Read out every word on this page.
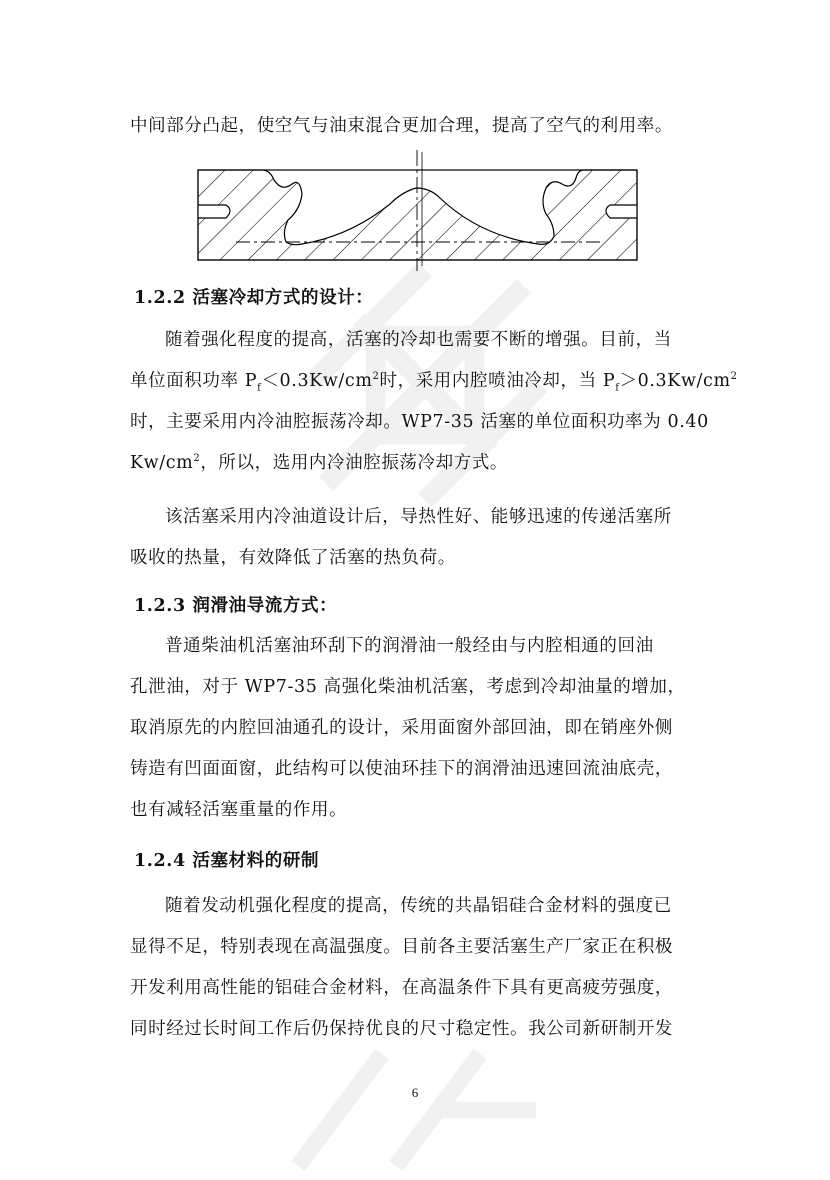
中间部分凸起，使空气与油束混合更加合理，提高了空气的利用率。

1.2.2 活塞冷却方式的设计：

随着强化程度的提高，活塞的冷却也需要不断的增强。目前，当
单位面积功率 $P_f<0.3Kw/cm^2$时，采用内腔喷油冷却，当 $P_f>0.3Kw/cm^2$
时，主要采用内冷油腔振荡冷却。WP7-35 活塞的单位面积功率为 0.40
$Kw/cm^2$，所以，选用内冷油腔振荡冷却方式。

该活塞采用内冷油道设计后，导热性好、能够迅速的传递活塞所
吸收的热量，有效降低了活塞的热负荷。

1.2.3 润滑油导流方式：

普通柴油机活塞油环刮下的润滑油一般经由与内腔相通的回油
孔泄油，对于 WP7-35 高强化柴油机活塞，考虑到冷却油量的增加，
取消原先的内腔回油通孔的设计，采用面窗外部回油，即在销座外侧
铸造有凹面面窗，此结构可以使油环挂下的润滑油迅速回流油底壳，
也有减轻活塞重量的作用。

1.2.4 活塞材料的研制

随着发动机强化程度的提高，传统的共晶铝硅合金材料的强度已
显得不足，特别表现在高温强度。目前各主要活塞生产厂家正在积极
开发利用高性能的铝硅合金材料，在高温条件下具有更高疲劳强度，
同时经过长时间工作后仍保持优良的尺寸稳定性。我公司新研制开发

6
